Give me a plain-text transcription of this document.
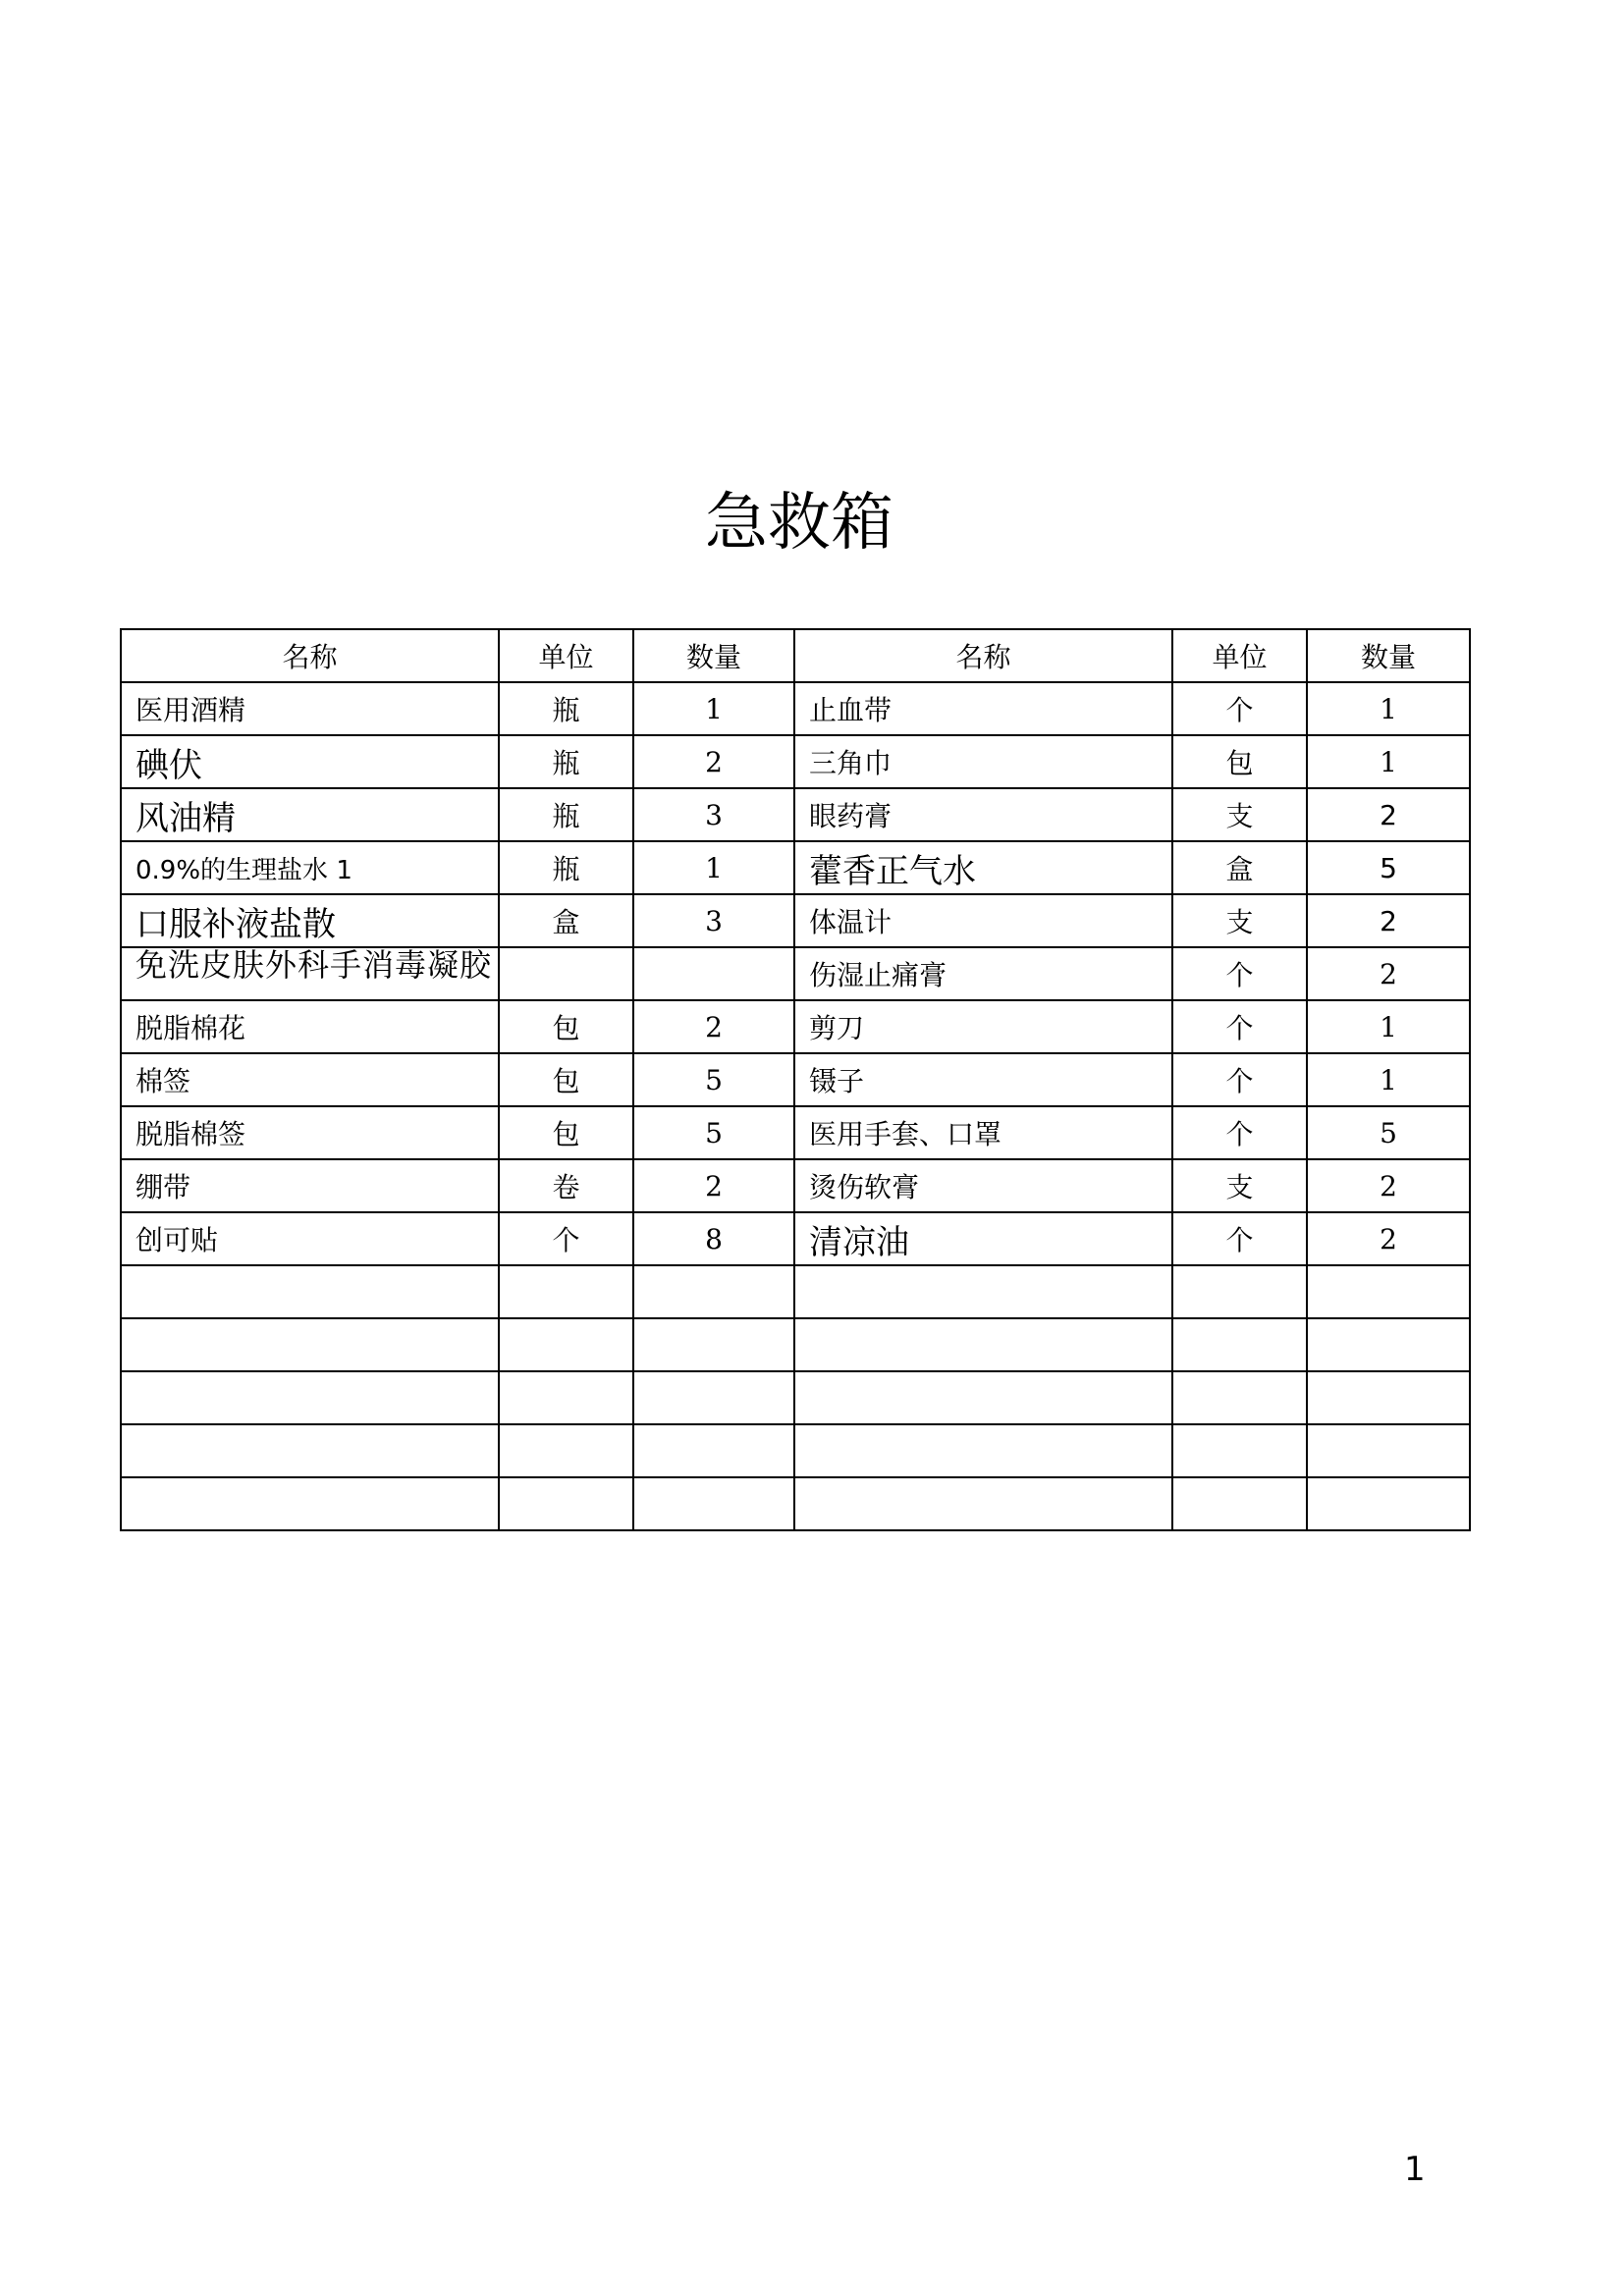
急救箱
名称	单位	数量	名称	单位	数量
医用酒精	瓶	1	止血带	个	1
碘伏	瓶	2	三角巾	包	1
风油精	瓶	3	眼药膏	支	2
0.9%的生理盐水 1	瓶	1	藿香正气水	盒	5
口服补液盐散	盒	3	体温计	支	2

免洗皮肤外科手消毒凝胶			伤湿止痛膏	个	2
脱脂棉花	包	2	剪刀	个	1
棉签	包	5	镊子	个	1
脱脂棉签	包	5	医用手套、口罩	个	5
绷带	卷	2	烫伤软膏	支	2
创可贴	个	8	清凉油	个	2

1
